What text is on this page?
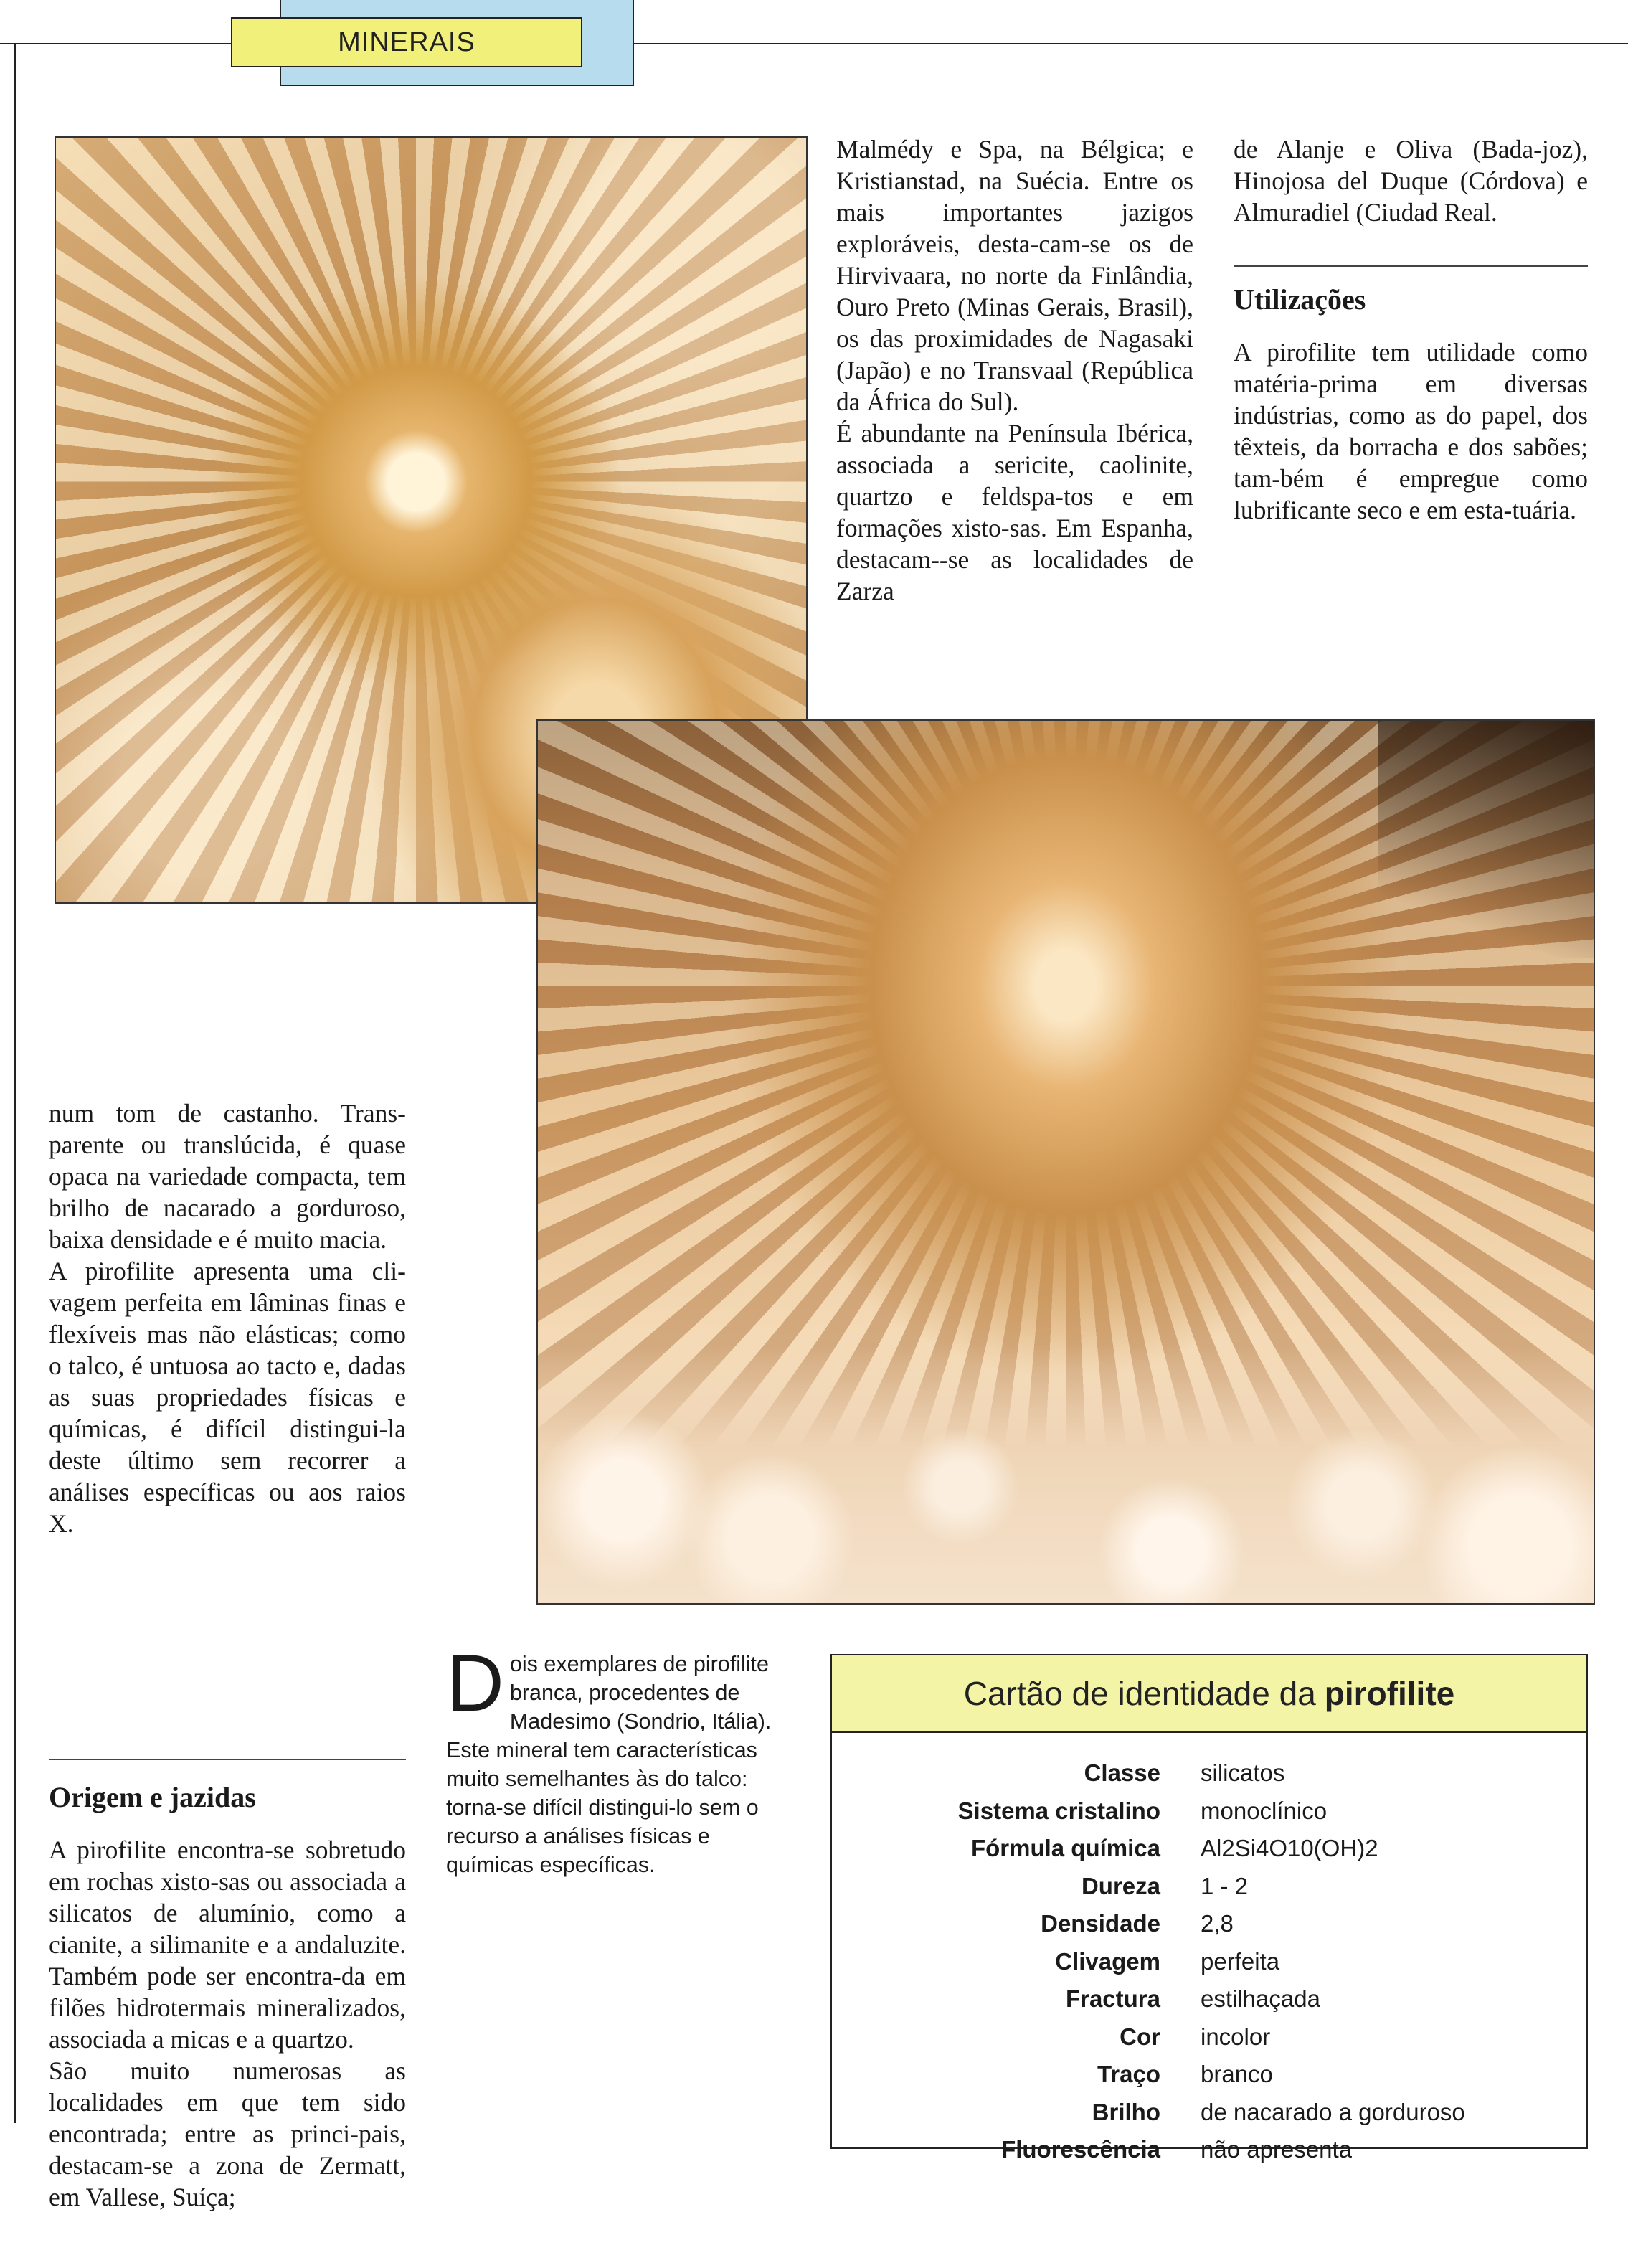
MINERAIS
Malmédy e Spa, na Bélgica; e Kristianstad, na Suécia. Entre os mais importantes jazigos exploráveis, desta-cam-se os de Hirvivaara, no norte da Finlândia, Ouro Preto (Minas Gerais, Brasil), os das proximidades de Nagasaki (Japão) e no Transvaal (República da África do Sul).
É abundante na Península Ibérica, associada a sericite, caolinite, quartzo e feldspa-tos e em formações xisto-sas. Em Espanha, destacam--se as localidades de Zarza
de Alanje e Oliva (Bada-joz), Hinojosa del Duque (Córdova) e Almuradiel (Ciudad Real.
Utilizações
A pirofilite tem utilidade como matéria-prima em diversas indústrias, como as do papel, dos têxteis, da borracha e dos sabões; tam-bém é empregue como lubrificante seco e em esta-tuária.
num tom de castanho. Trans-parente ou translúcida, é quase opaca na variedade compacta, tem brilho de nacarado a gorduroso, baixa densidade e é muito macia.
A pirofilite apresenta uma cli-vagem perfeita em lâminas finas e flexíveis mas não elásticas; como o talco, é untuosa ao tacto e, dadas as suas propriedades físicas e químicas, é difícil distingui-la deste último sem recorrer a análises específicas ou aos raios X.
Origem e jazidas
A pirofilite encontra-se sobretudo em rochas xisto-sas ou associada a silicatos de alumínio, como a cianite, a silimanite e a andaluzite. Também pode ser encontra-da em filões hidrotermais mineralizados, associada a micas e a quartzo.
São muito numerosas as localidades em que tem sido encontrada; entre as princi-pais, destacam-se a zona de Zermatt, em Vallese, Suíça;
Dois exemplares de pirofilite branca, procedentes de Madesimo (Sondrio, Itália). Este mineral tem características muito semelhantes às do talco: torna-se difícil distingui-lo sem o recurso a análises físicas e químicas específicas.
Cartão de identidade da pirofilite
Classe silicatos
Sistema cristalino monoclínico
Fórmula química Al2Si4O10(OH)2
Dureza 1 - 2
Densidade 2,8
Clivagem perfeita
Fractura estilhaçada
Cor incolor
Traço branco
Brilho de nacarado a gorduroso
Fluorescência não apresenta
